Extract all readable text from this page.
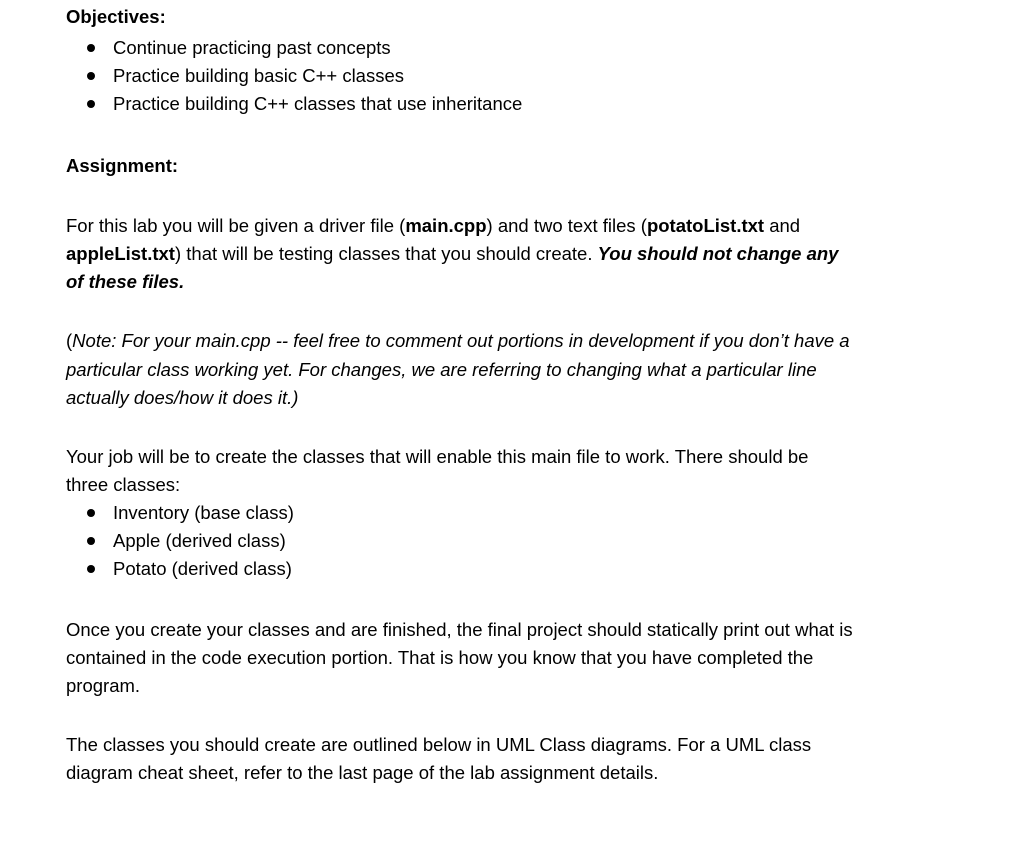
Objectives:
Continue practicing past concepts
Practice building basic C++ classes
Practice building C++ classes that use inheritance
Assignment:
For this lab you will be given a driver file (main.cpp) and two text files (potatoList.txt and
appleList.txt) that will be testing classes that you should create. You should not change any
of these files.
(Note: For your main.cpp -- feel free to comment out portions in development if you don’t have a
particular class working yet. For changes, we are referring to changing what a particular line
actually does/how it does it.)
Your job will be to create the classes that will enable this main file to work. There should be
three classes:
Inventory (base class)
Apple (derived class)
Potato (derived class)
Once you create your classes and are finished, the final project should statically print out what is
contained in the code execution portion. That is how you know that you have completed the
program.
The classes you should create are outlined below in UML Class diagrams. For a UML class
diagram cheat sheet, refer to the last page of the lab assignment details.
